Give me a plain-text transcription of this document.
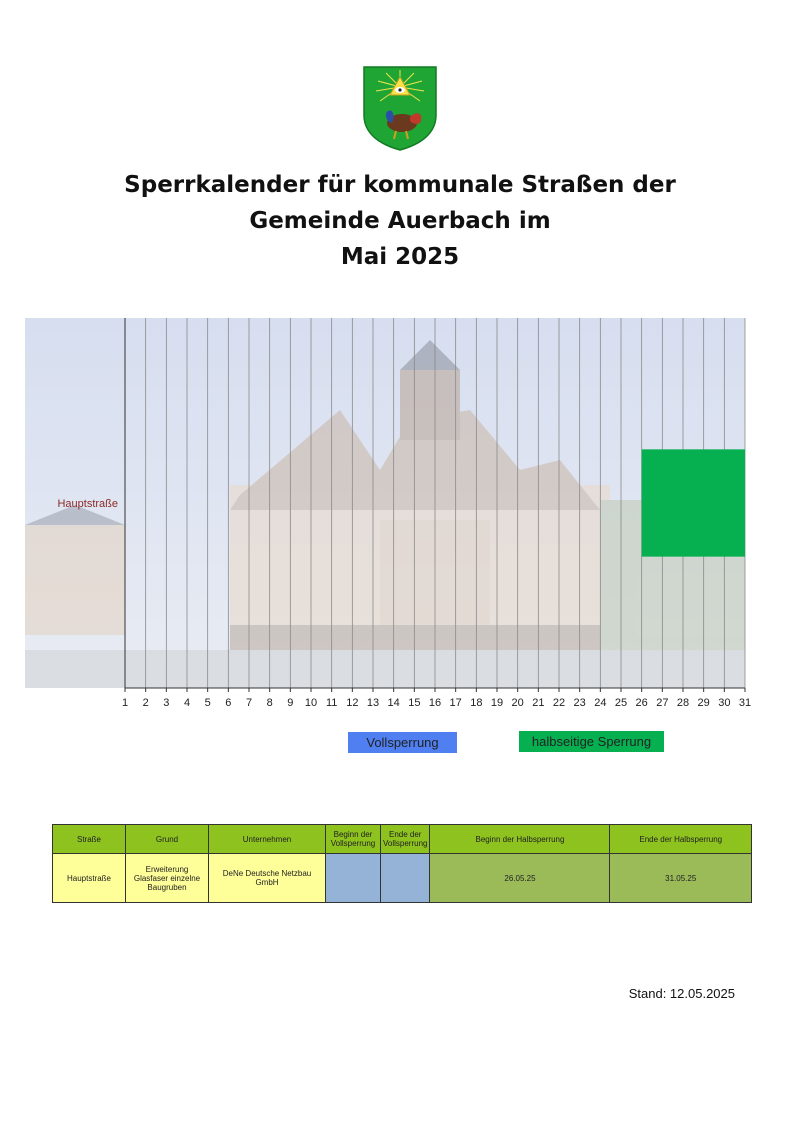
Sperrkalender für kommunale Straßen der
Gemeinde Auerbach im
Mai 2025
1 2 3 4 5 6 7 8 9 10 11 12 13 14 15 16 17 18 19 20 21 22 23 24 25 26 27 28 29 30 31
Hauptstraße
Vollsperrung	halbseitige Sperrung
Straße	Grund	Unternehmen	Beginn der Vollsperrung	Ende der Vollsperrung	Beginn der Halbsperrung	Ende der Halbsperrung
Hauptstraße	Erweiterung Glasfaser einzelne Baugruben	DeNe Deutsche Netzbau GmbH			26.05.25	31.05.25
Stand: 12.05.2025
